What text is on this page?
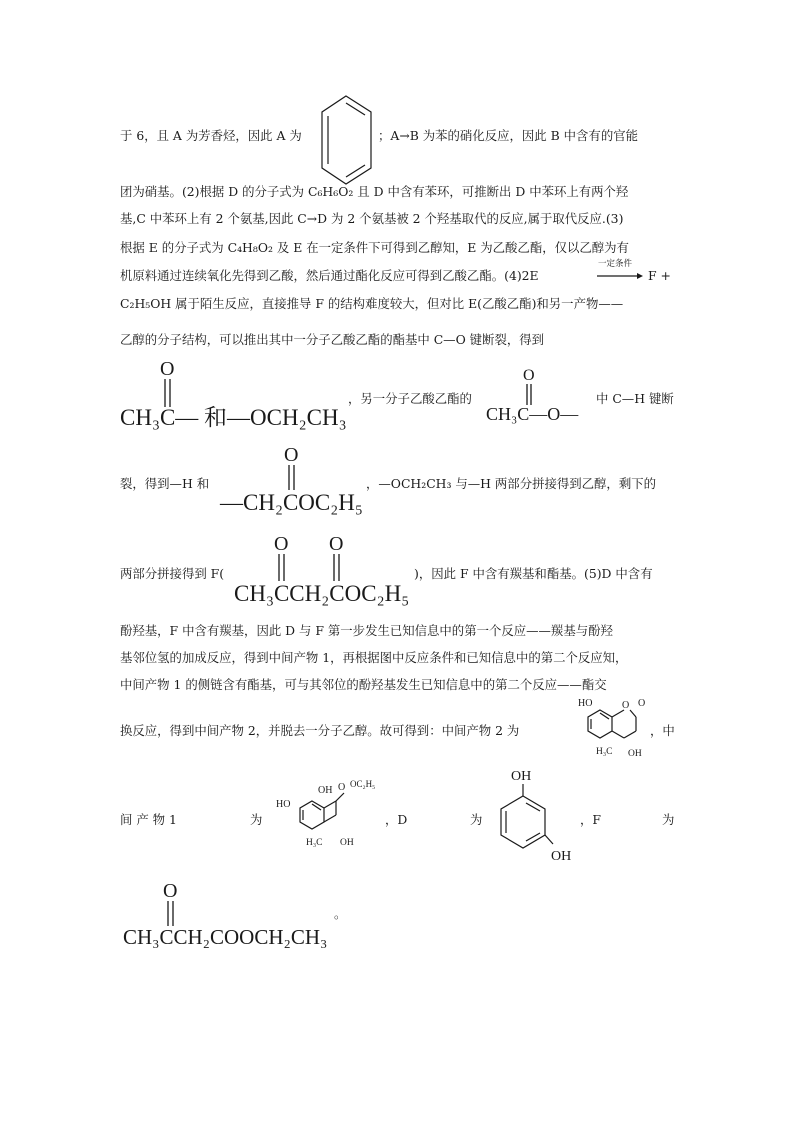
于 6，且 A 为芳香烃，因此 A 为	；A→B 为苯的硝化反应，因此 B 中含有的官能
团为硝基。(2)根据 D 的分子式为 C₆H₆O₂ 且 D 中含有苯环，可推断出 D 中苯环上有两个羟
基,C 中苯环上有 2 个氨基,因此 C→D 为 2 个氨基被 2 个羟基取代的反应,属于取代反应.(3)
根据 E 的分子式为 C₄H₈O₂ 及 E 在一定条件下可得到乙醇知，E 为乙酸乙酯，仅以乙醇为有
机原料通过连续氧化先得到乙酸，然后通过酯化反应可得到乙酸乙酯。(4)2E
一定条件
→ F +
C₂H₅OH 属于陌生反应，直接推导 F 的结构难度较大，但对比 E(乙酸乙酯)和另一产物——
乙醇的分子结构，可以推出其中一分子乙酸乙酯的酯基中 C—O 键断裂，得到
O
CH₃C— 和—OCH₂CH₃
，另一分子乙酸乙酯的
O
CH₃C—O—
中 C—H 键断
裂，得到—H 和
O
—CH₂COC₂H₅
，—OCH₂CH₃ 与—H 两部分拼接得到乙醇，剩下的
两部分拼接得到 F(
O O
CH₃CCH₂COC₂H₅
)，因此 F 中含有羰基和酯基。(5)D 中含有
酚羟基，F 中含有羰基，因此 D 与 F 第一步发生已知信息中的第一个反应——羰基与酚羟
基邻位氢的加成反应，得到中间产物 1，再根据图中反应条件和已知信息中的第二个反应知，
中间产物 1 的侧链含有酯基，可与其邻位的酚羟基发生已知信息中的第二个反应——酯交
换反应，得到中间产物 2，并脱去一分子乙醇。故可得到：中间产物 2 为
HO	O O
H₃C OH
，中
间 产 物 1	为
HO
OH O OC₂H₅
H₃C OH
，D	为
OH
OH
，F	为
O
CH₃CCH₂COOCH₂CH₃
。
